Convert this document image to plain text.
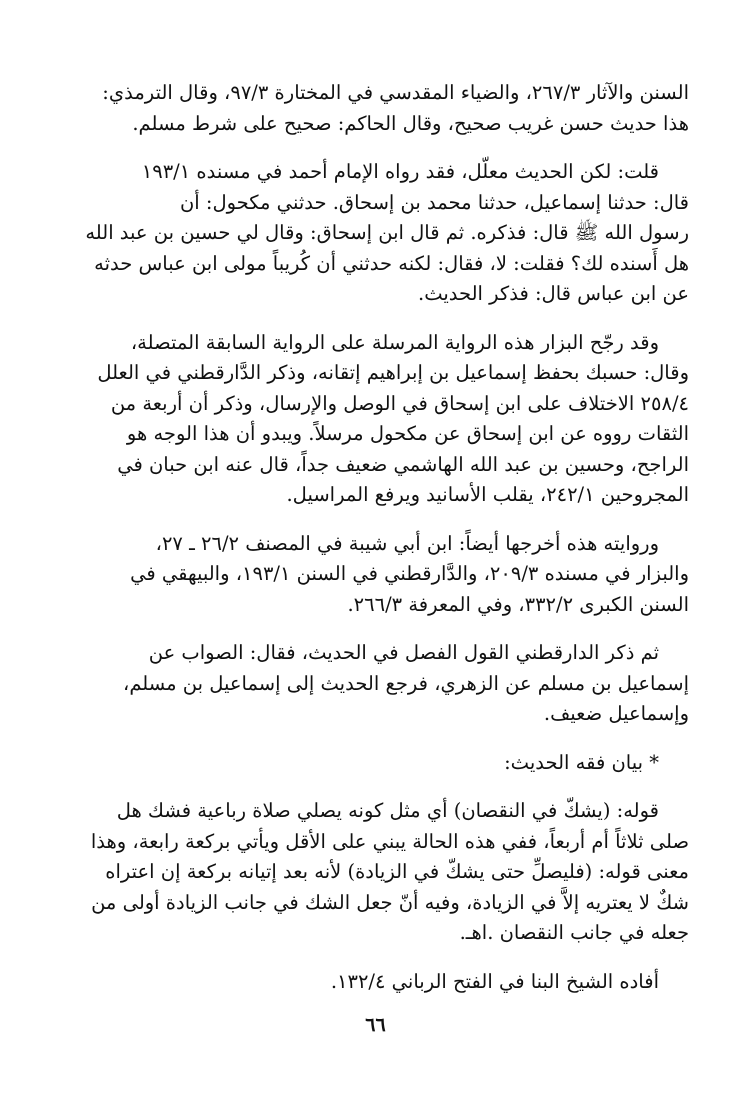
السنن والآثار ٢٦٧/٣، والضياء المقدسي في المختارة ٩٧/٣، وقال الترمذي:
هذا حديث حسن غريب صحيح، وقال الحاكم: صحيح على شرط مسلم.
قلت: لكن الحديث معلّل، فقد رواه الإمام أحمد في مسنده ١٩٣/١
قال: حدثنا إسماعيل، حدثنا محمد بن إسحاق. حدثني مكحول: أن
رسول الله ﷺ قال: فذكره. ثم قال ابن إسحاق: وقال لي حسين بن عبد الله
هل أَسنده لك؟ فقلت: لا، فقال: لكنه حدثني أن كُريباً مولى ابن عباس حدثه
عن ابن عباس قال: فذكر الحديث.
وقد رجّح البزار هذه الرواية المرسلة على الرواية السابقة المتصلة،
وقال: حسبك بحفظ إسماعيل بن إبراهيم إتقانه، وذكر الدَّارقطني في العلل
٢٥٨/٤ الاختلاف على ابن إسحاق في الوصل والإرسال، وذكر أن أربعة من
الثقات رووه عن ابن إسحاق عن مكحول مرسلاً. ويبدو أن هذا الوجه هو
الراجح، وحسين بن عبد الله الهاشمي ضعيف جداً، قال عنه ابن حبان في
المجروحين ٢٤٢/١، يقلب الأسانيد ويرفع المراسيل.
وروايته هذه أخرجها أيضاً: ابن أبي شيبة في المصنف ٢٦/٢ ـ ٢٧،
والبزار في مسنده ٢٠٩/٣، والدَّارقطني في السنن ١٩٣/١، والبيهقي في
السنن الكبرى ٣٣٢/٢، وفي المعرفة ٢٦٦/٣.
ثم ذكر الدارقطني القول الفصل في الحديث، فقال: الصواب عن
إسماعيل بن مسلم عن الزهري، فرجع الحديث إلى إسماعيل بن مسلم،
وإسماعيل ضعيف.
* بيان فقه الحديث:
قوله: (يشكّ في النقصان) أي مثل كونه يصلي صلاة رباعية فشك هل
صلى ثلاثاً أم أربعاً، ففي هذه الحالة يبني على الأقل ويأتي بركعة رابعة، وهذا
معنى قوله: (فليصلِّ حتى يشكّ في الزيادة) لأنه بعد إتيانه بركعة إن اعتراه
شكٌ لا يعتريه إلاَّ في الزيادة، وفيه أنّ جعل الشك في جانب الزيادة أولى من
جعله في جانب النقصان .اهـ.
أفاده الشيخ البنا في الفتح الرباني ١٣٢/٤.
٦٦
